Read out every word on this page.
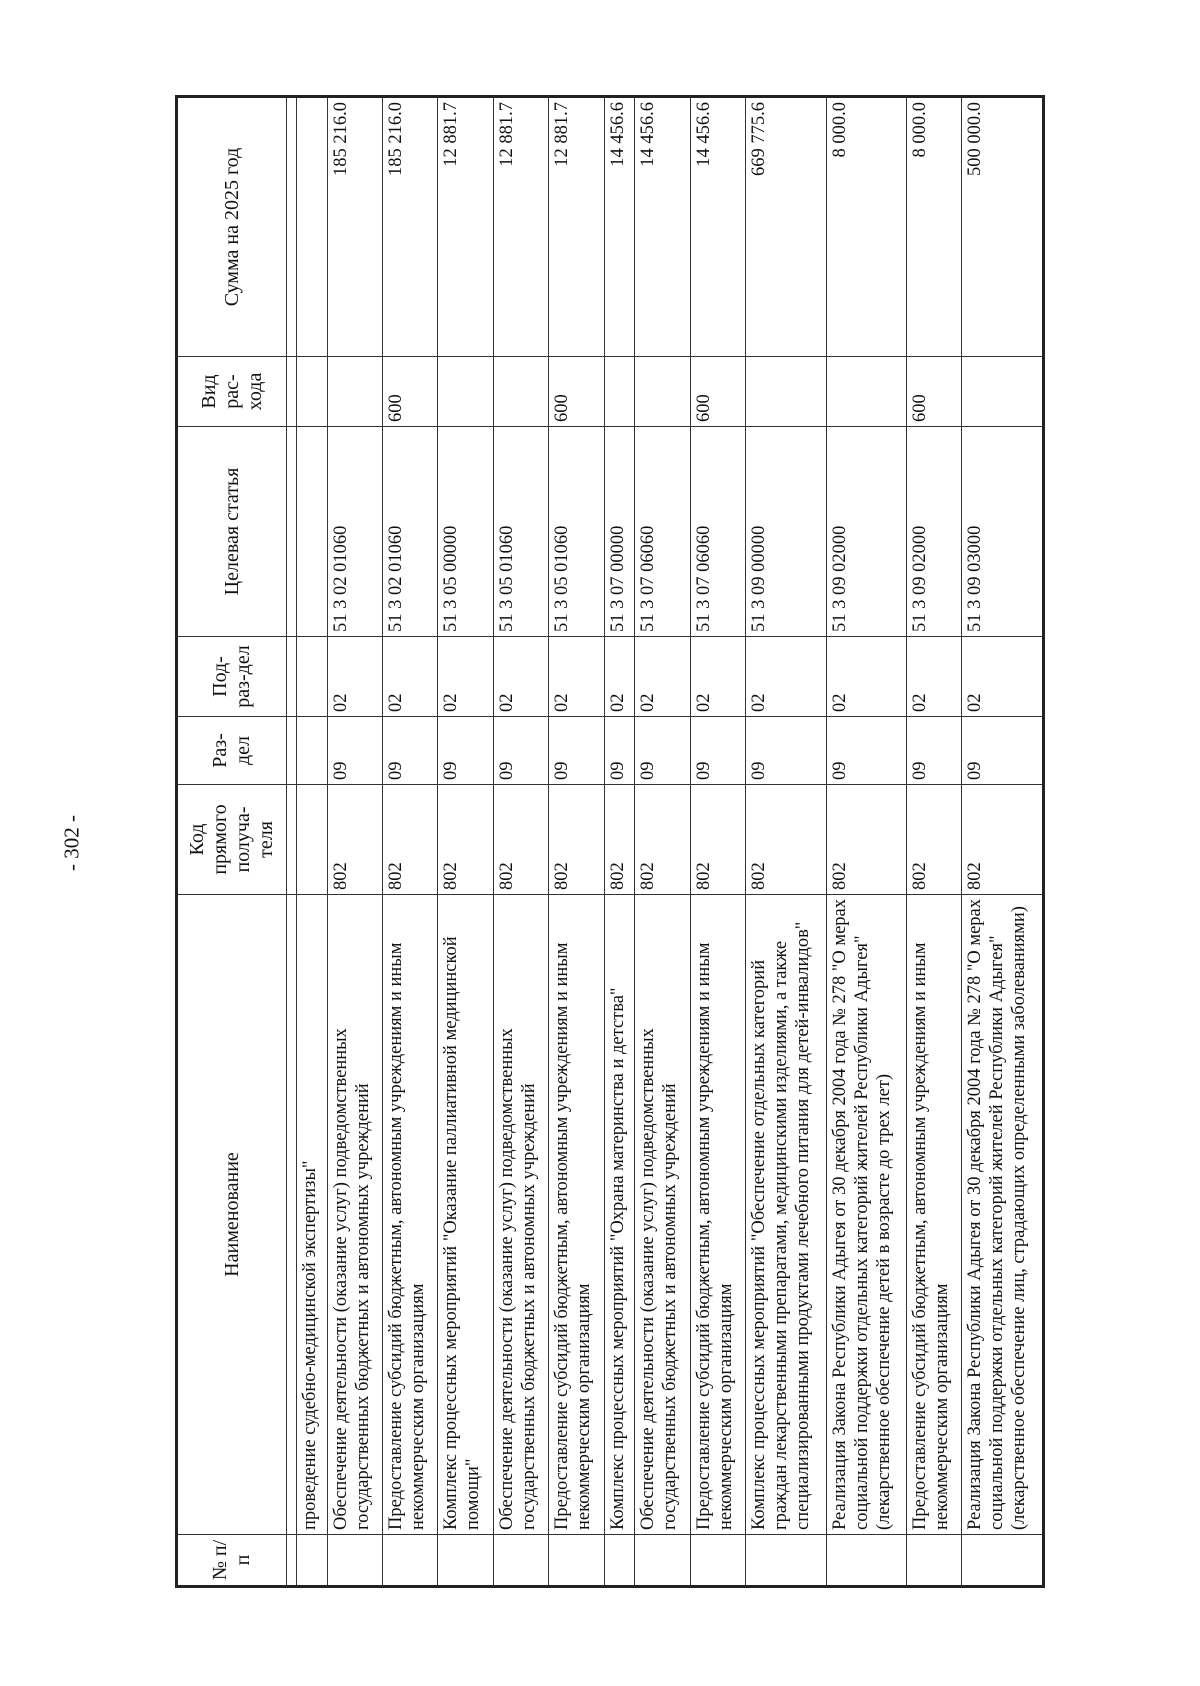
- 302 -
№ п/п	Наименование	Код прямого получа-теля	Раз-дел	Под-раз-дел	Целевая статья	Вид рас-хода	Сумма на 2025 год

	проведение судебно-медицинской экспертизы"						
	Обеспечение деятельности (оказание услуг) подведомственных государственных бюджетных и автономных учреждений	802	09	02	51 3 02 01060		185 216.0
	Предоставление субсидий бюджетным, автономным учреждениям и иным некоммерческим организациям	802	09	02	51 3 02 01060	600	185 216.0
	Комплекс процессных мероприятий "Оказание паллиативной медицинской помощи"	802	09	02	51 3 05 00000		12 881.7
	Обеспечение деятельности (оказание услуг) подведомственных государственных бюджетных и автономных учреждений	802	09	02	51 3 05 01060		12 881.7
	Предоставление субсидий бюджетным, автономным учреждениям и иным некоммерческим организациям	802	09	02	51 3 05 01060	600	12 881.7
	Комплекс процессных мероприятий "Охрана материнства и детства"	802	09	02	51 3 07 00000		14 456.6
	Обеспечение деятельности (оказание услуг) подведомственных государственных бюджетных и автономных учреждений	802	09	02	51 3 07 06060		14 456.6
	Предоставление субсидий бюджетным, автономным учреждениям и иным некоммерческим организациям	802	09	02	51 3 07 06060	600	14 456.6
	Комплекс процессных мероприятий "Обеспечение отдельных категорий граждан лекарственными препаратами, медицинскими изделиями, а также специализированными продуктами лечебного питания для детей-инвалидов"	802	09	02	51 3 09 00000		669 775.6
	Реализация Закона Республики Адыгея от 30 декабря 2004 года № 278 "О мерах социальной поддержки отдельных категорий жителей Республики Адыгея" (лекарственное обеспечение детей в возрасте до трех лет)	802	09	02	51 3 09 02000		8 000.0
	Предоставление субсидий бюджетным, автономным учреждениям и иным некоммерческим организациям	802	09	02	51 3 09 02000	600	8 000.0
	Реализация Закона Республики Адыгея от 30 декабря 2004 года № 278 "О мерах социальной поддержки отдельных категорий жителей Республики Адыгея" (лекарственное обеспечение лиц, страдающих определенными заболеваниями)	802	09	02	51 3 09 03000		500 000.0
